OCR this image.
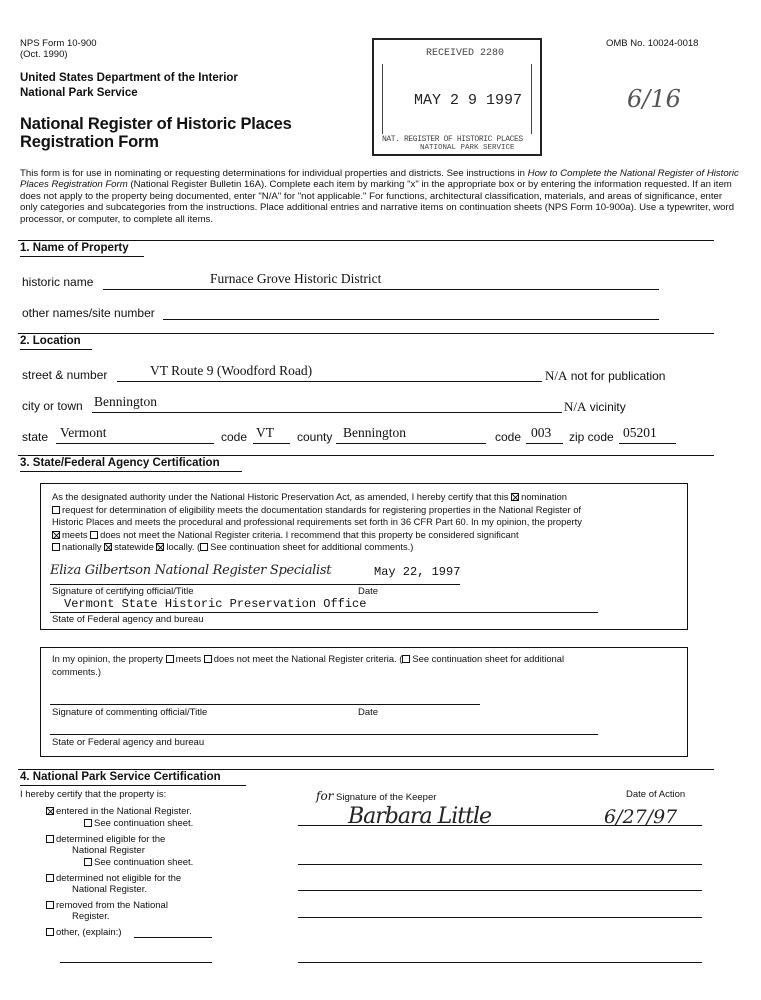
NPS Form 10-900
(Oct. 1990)
OMB No. 10024-0018
United States Department of the Interior
National Park Service
National Register of Historic Places
Registration Form
6/16
RECEIVED 2280
MAY 2 9 1997
NAT. REGISTER OF HISTORIC PLACES
NATIONAL PARK SERVICE
This form is for use in nominating or requesting determinations for individual properties and districts. See instructions in How to Complete the National Register of Historic Places Registration Form (National Register Bulletin 16A). Complete each item by marking "x" in the appropriate box or by entering the information requested. If an item does not apply to the property being documented, enter "N/A" for "not applicable." For functions, architectural classification, materials, and areas of significance, enter only categories and subcategories from the instructions. Place additional entries and narrative items on continuation sheets (NPS Form 10-900a). Use a typewriter, word processor, or computer, to complete all items.
1. Name of Property
historic name	Furnace Grove Historic District
other names/site number
2. Location
street & number	VT Route 9 (Woodford Road)	N/A not for publication
city or town Bennington	N/A vicinity
state Vermont	code VT county Bennington	code 003 zip code 05201
3. State/Federal Agency Certification
As the designated authority under the National Historic Preservation Act, as amended, I hereby certify that this nomination
request for determination of eligibility meets the documentation standards for registering properties in the National Register of
Historic Places and meets the procedural and professional requirements set forth in 36 CFR Part 60. In my opinion, the property
meets does not meet the National Register criteria. I recommend that this property be considered significant
nationally statewide locally. ( See continuation sheet for additional comments.)
Eliza Gilbertson National Register Specialist	May 22, 1997
Signature of certifying official/Title	Date
Vermont State Historic Preservation Office
State of Federal agency and bureau
In my opinion, the property meets does not meet the National Register criteria. ( See continuation sheet for additional
comments.)
Signature of commenting official/Title	Date
State or Federal agency and bureau
4. National Park Service Certification
I hereby certify that the property is:
entered in the National Register.
See continuation sheet.
determined eligible for the
National Register
See continuation sheet.
determined not eligible for the
National Register.
removed from the National
Register.
other, (explain:)
for Signature of the Keeper	Date of Action
Barbara Little	6/27/97
